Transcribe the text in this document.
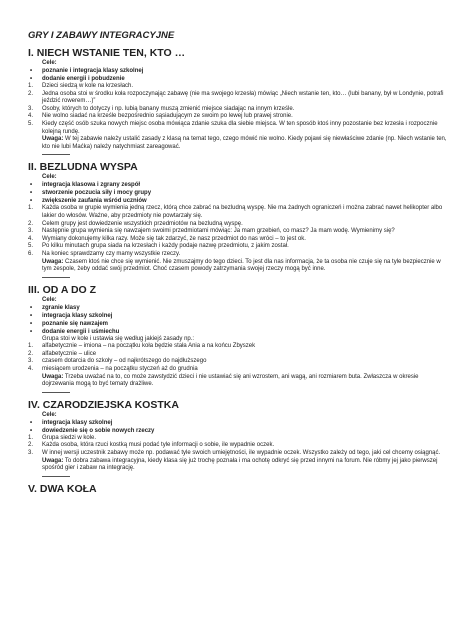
GRY I ZABAWY INTEGRACYJNE
I. NIECH WSTANIE TEN, KTO …
Cele:
• poznanie i integracja klasy szkolnej
• dodanie energii i pobudzenie
1. Dzieci siedzą w kole na krzesłach.
2. Jedna osoba stoi w środku koła rozpoczynając zabawę (nie ma swojego krzesła) mówiąc „Niech wstanie ten, kto… (lubi banany, był w Londynie, potrafi jeździć rowerem…)”
3. Osoby, których to dotyczy i np. lubią banany muszą zmienić miejsce siadając na innym krześle.
4. Nie wolno siadać na krześle bezpośrednio sąsiadującym ze swoim po lewej lub prawej stronie.
5. Kiedy część osób szuka nowych miejsc osoba mówiąca zdanie szuka dla siebie miejsca. W ten sposób ktoś inny pozostanie bez krzesła i rozpocznie kolejną rundę.
Uwaga: W tej zabawie należy ustalić zasady z klasą na temat tego, czego mówić nie wolno. Kiedy pojawi się niewłaściwe zdanie (np. Niech wstanie ten, kto nie lubi Maćka) należy natychmiast zareagować.
II. BEZLUDNA WYSPA
Cele:
• integracja klasowa i zgrany zespół
• stworzenie poczucia siły i mocy grupy
• zwiększenie zaufania wśród uczniów
1. Każda osoba w grupie wymienia jedną rzecz, którą chce zabrać na bezludną wyspę. Nie ma żadnych ograniczeń i można zabrać nawet helikopter albo lakier do włosów. Ważne, aby przedmioty nie powtarzały się.
2. Celem grupy jest dowiedzenie wszystkich przedmiotów na bezludną wyspę.
3. Następnie grupa wymienia się nawzajem swoimi przedmiotami mówiąc: Ja mam grzebień, co masz? Ja mam wodę. Wymienimy się?
4. Wymiany dokonujemy kilka razy. Może się tak zdarzyć, że nasz przedmiot do nas wróci – to jest ok.
5. Po kilku minutach grupa siada na krzesłach i każdy podaje nazwę przedmiotu, z jakim został.
6. Na koniec sprawdzamy czy mamy wszystkie rzeczy.
Uwaga: Czasem ktoś nie chce się wymienić. Nie zmuszajmy do tego dzieci. To jest dla nas informacja, że ta osoba nie czuje się na tyle bezpiecznie w tym zespole, żeby oddać swój przedmiot. Choć czasem powody zatrzymania swojej rzeczy mogą być inne.
III. OD A DO Z
Cele:
• zgranie klasy
• integracja klasy szkolnej
• poznanie się nawzajem
• dodanie energii i uśmiechu
Grupa stoi w kole i ustawia się według jakiejś zasady np.:
1. alfabetycznie – imiona – na początku koła będzie stała Ania a na końcu Zbyszek
2. alfabetycznie – ulice
3. czasem dotarcia do szkoły – od najkrótszego do najdłuższego
4. miesiącem urodzenia – na początku styczeń aż do grudnia
Uwaga: Trzeba uważać na to, co może zawstydzić dzieci i nie ustawiać się ani wzrostem, ani wagą, ani rozmiarem buta. Zwłaszcza w okresie dojrzewania mogą to być tematy drażliwe.
IV. CZARODZIEJSKA KOSTKA
Cele:
• integracja klasy szkolnej
• dowiedzenie się o sobie nowych rzeczy
1. Grupa siedzi w kole.
2. Każda osoba, która rzuci kostką musi podać tyle informacji o sobie, ile wypadnie oczek.
3. W innej wersji uczestnik zabawy może np. podawać tyle swoich umiejętności, ile wypadnie oczek. Wszystko zależy od tego, jaki cel chcemy osiągnąć.
Uwaga: To dobra zabawa integracyjna, kiedy klasa się już trochę poznała i ma ochotę odkryć się przed innymi na forum. Nie róbmy jej jako pierwszej spośród gier i zabaw na integrację.
V. DWA KOŁA
